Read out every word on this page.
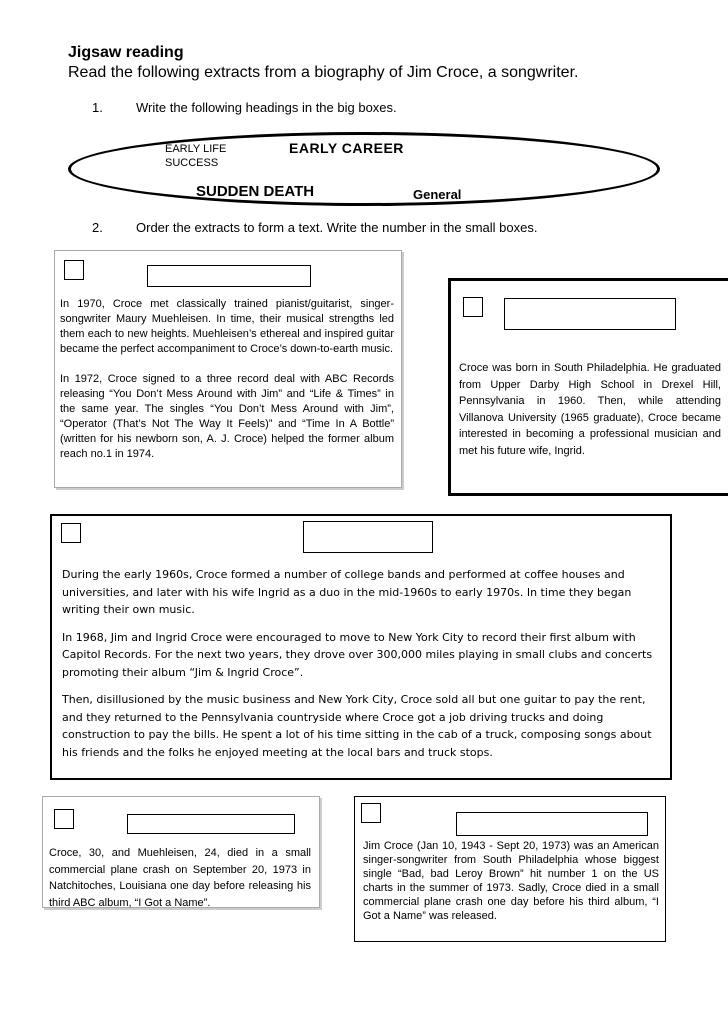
Jigsaw reading
Read the following extracts from a biography of Jim Croce, a songwriter.
1.	Write the following headings in the big boxes.
EARLY LIFE
SUCCESS
EARLY CAREER
SUDDEN DEATH	General
2.	Order the extracts to form a text. Write the number in the small boxes.

In 1970, Croce met classically trained pianist/guitarist, singer-songwriter Maury Muehleisen. In time, their musical strengths led them each to new heights. Muehleisen’s ethereal and inspired guitar became the perfect accompaniment to Croce’s down-to-earth music.

In 1972, Croce signed to a three record deal with ABC Records releasing “You Don’t Mess Around with Jim” and “Life & Times” in the same year. The singles “You Don’t Mess Around with Jim”, “Operator (That’s Not The Way It Feels)” and “Time In A Bottle” (written for his newborn son, A. J. Croce) helped the former album reach no.1 in 1974.

Croce was born in South Philadelphia. He graduated from Upper Darby High School in Drexel Hill, Pennsylvania in 1960. Then, while attending Villanova University (1965 graduate), Croce became interested in becoming a professional musician and met his future wife, Ingrid.

During the early 1960s, Croce formed a number of college bands and performed at coffee houses and universities, and later with his wife Ingrid as a duo in the mid-1960s to early 1970s. In time they began writing their own music.

In 1968, Jim and Ingrid Croce were encouraged to move to New York City to record their first album with Capitol Records. For the next two years, they drove over 300,000 miles playing in small clubs and concerts promoting their album “Jim & Ingrid Croce”.

Then, disillusioned by the music business and New York City, Croce sold all but one guitar to pay the rent, and they returned to the Pennsylvania countryside where Croce got a job driving trucks and doing construction to pay the bills. He spent a lot of his time sitting in the cab of a truck, composing songs about his friends and the folks he enjoyed meeting at the local bars and truck stops.

Croce, 30, and Muehleisen, 24, died in a small commercial plane crash on September 20, 1973 in Natchitoches, Louisiana one day before releasing his third ABC album, “I Got a Name”.

Jim Croce (Jan 10, 1943 - Sept 20, 1973) was an American singer-songwriter from South Philadelphia whose biggest single “Bad, bad Leroy Brown” hit number 1 on the US charts in the summer of 1973. Sadly, Croce died in a small commercial plane crash one day before his third album, “I Got a Name” was released.
